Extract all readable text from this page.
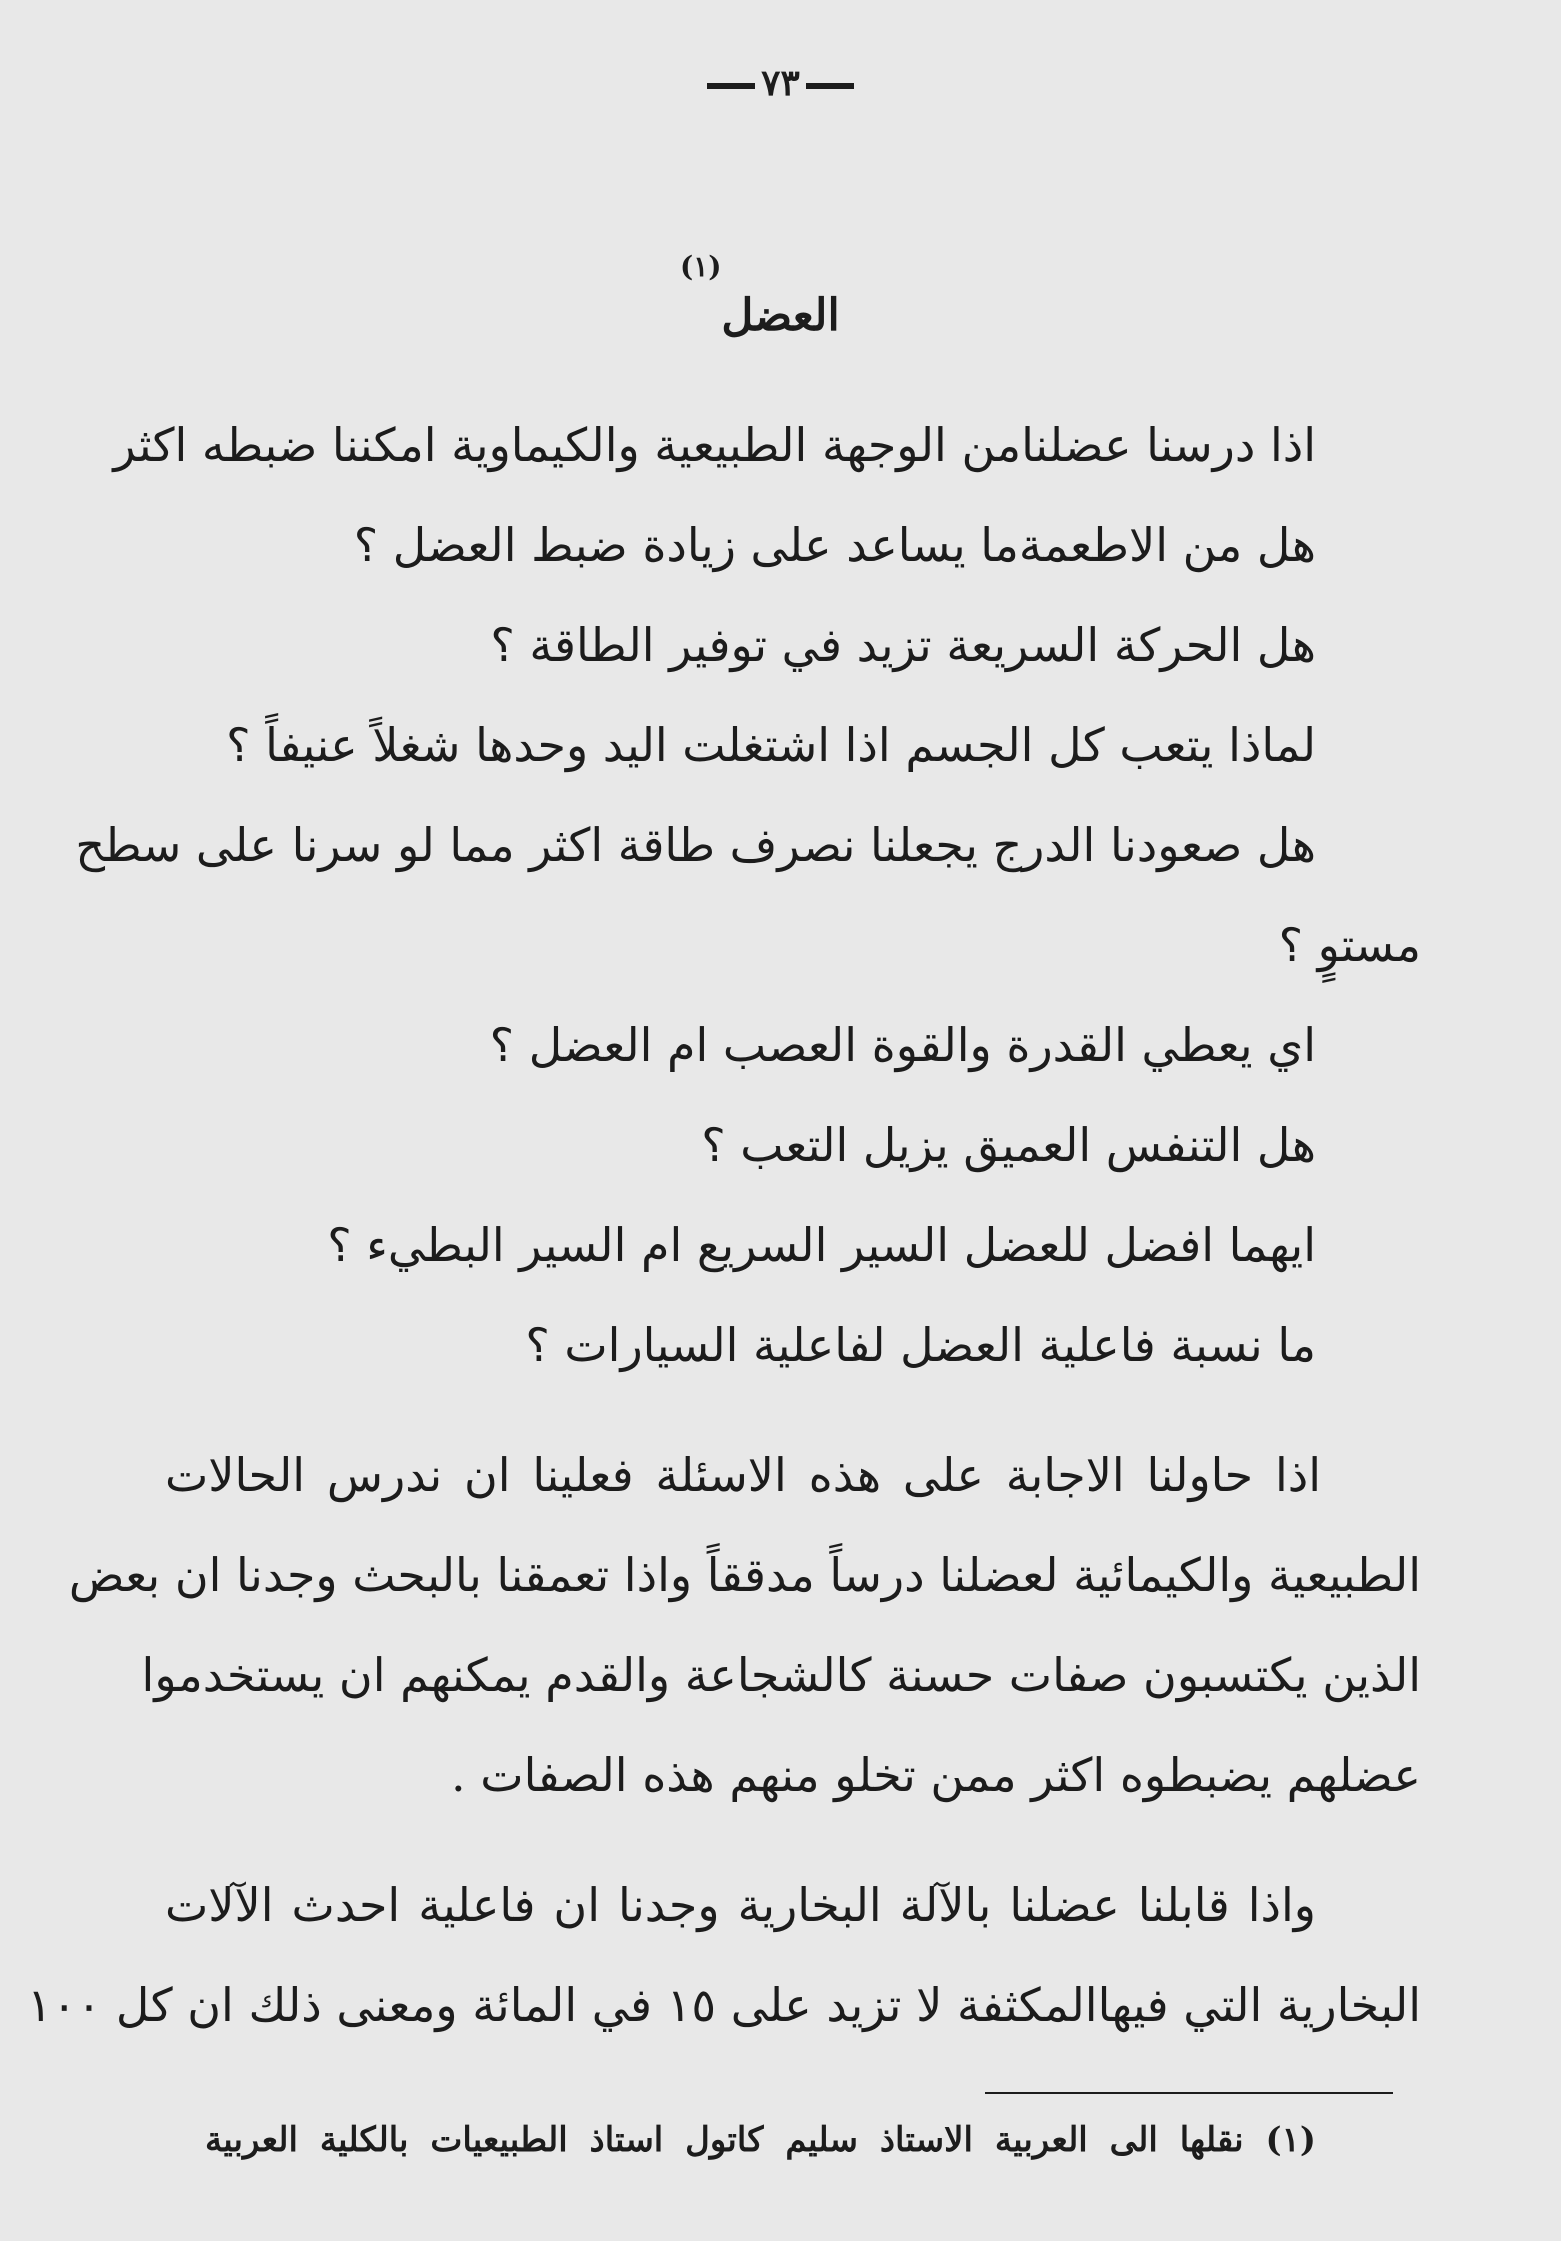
٧٣
(١)
العضل
اذا درسنا عضلنامن الوجهة الطبيعية والكيماوية امكننا ضبطه اكثر
هل من الاطعمةما يساعد على زيادة ضبط العضل ؟
هل الحركة السريعة تزيد في توفير الطاقة ؟
لماذا يتعب كل الجسم اذا اشتغلت اليد وحدها شغلاً عنيفاً ؟
هل صعودنا الدرج يجعلنا نصرف طاقة اكثر مما لو سرنا على سطح
مستوٍ ؟
اي يعطي القدرة والقوة العصب ام العضل ؟
هل التنفس العميق يزيل التعب ؟
ايهما افضل للعضل السير السريع ام السير البطيء ؟
ما نسبة فاعلية العضل لفاعلية السيارات ؟
اذا حاولنا الاجابة على هذه الاسئلة فعلينا ان ندرس الحالات
الطبيعية والكيمائية لعضلنا درساً مدققاً واذا تعمقنا بالبحث وجدنا ان بعض
الذين يكتسبون صفات حسنة كالشجاعة والقدم يمكنهم ان يستخدموا
عضلهم يضبطوه اكثر ممن تخلو منهم هذه الصفات .
واذا قابلنا عضلنا بالآلة البخارية وجدنا ان فاعلية احدث الآلات
البخارية التي فيهاالمكثفة لا تزيد على ١٥ في المائة ومعنى ذلك ان كل ١٠٠
(١) نقلها الى العربية الاستاذ سليم كاتول استاذ الطبيعيات بالكلية العربية
